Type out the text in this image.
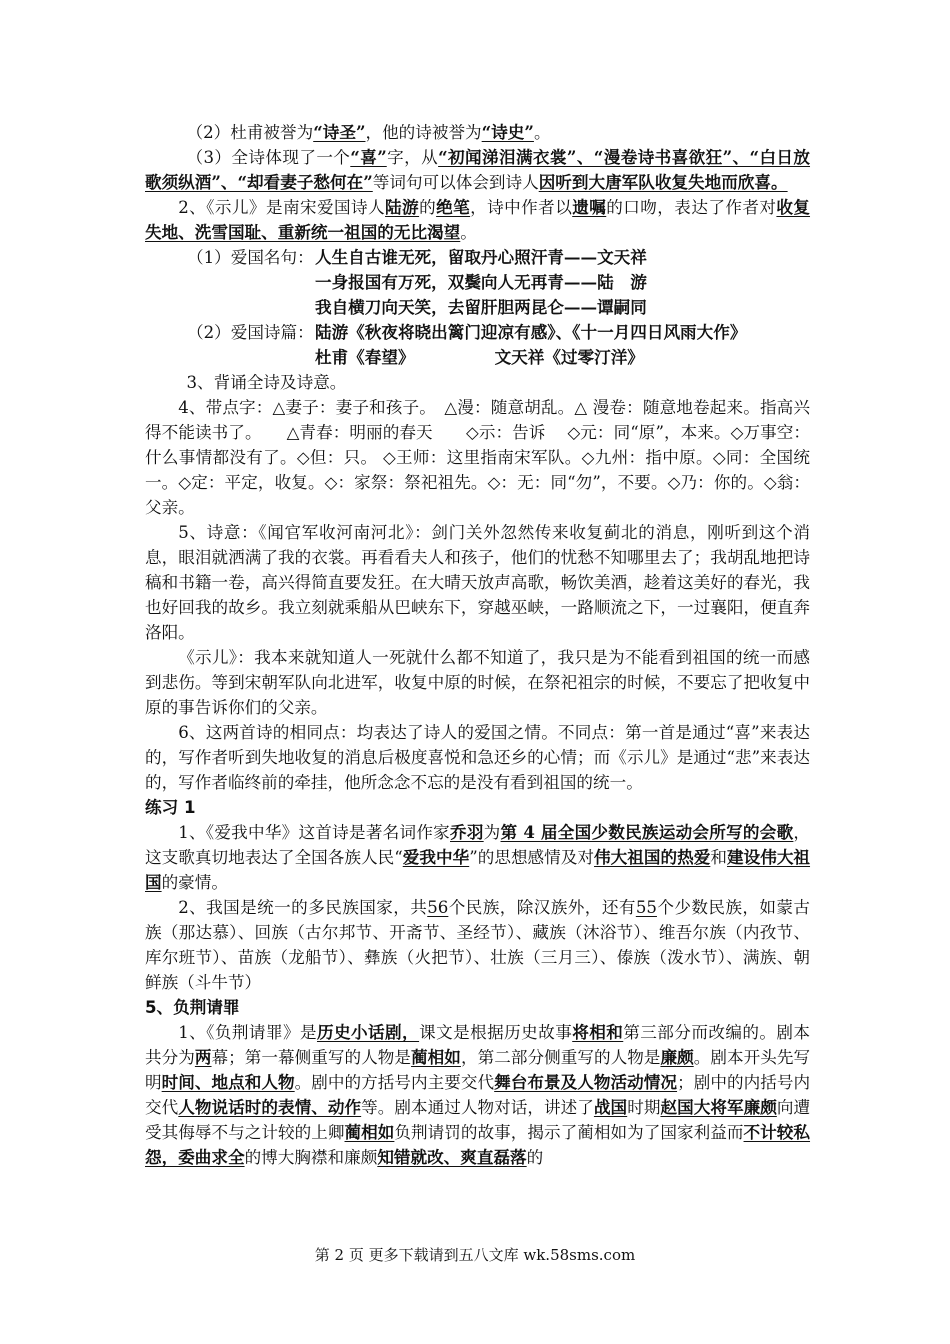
（2）杜甫被誉为“诗圣”，他的诗被誉为“诗史”。

（3）全诗体现了一个“喜”字，从“初闻涕泪满衣裳”、“漫卷诗书喜欲狂”、“白日放歌须纵酒”、“却看妻子愁何在”等词句可以体会到诗人因听到大唐军队收复失地而欣喜。

2、《示儿》是南宋爱国诗人陆游的绝笔，诗中作者以遗嘱的口吻，表达了作者对收复失地、洗雪国耻、重新统一祖国的无比渴望。

（1）爱国名句： 人生自古谁无死，留取丹心照汗青——文天祥
一身报国有万死，双鬓向人无再青——陆　游
我自横刀向天笑，去留肝胆两昆仑——谭嗣同
（2）爱国诗篇： 陆游《秋夜将晓出篱门迎凉有感》、《十一月四日风雨大作》
杜甫《春望》	文天祥《过零汀洋》

3、背诵全诗及诗意。

4、带点字：△妻子：妻子和孩子。　△漫：随意胡乱。△ 漫卷：随意地卷起来。指高兴得不能读书了。　　△青春：明丽的春天　　◇示：告诉　 ◇元：同“原”，本来。◇万事空：什么事情都没有了。◇但：只。 ◇王师：这里指南宋军队。◇九州：指中原。◇同：全国统一。◇定：平定，收复。◇：家祭：祭祀祖先。◇：无：同“勿”，不要。◇乃：你的。◇翁：父亲。

5、诗意：《闻官军收河南河北》：剑门关外忽然传来收复蓟北的消息，刚听到这个消息，眼泪就洒满了我的衣裳。再看看夫人和孩子，他们的忧愁不知哪里去了；我胡乱地把诗稿和书籍一卷，高兴得简直要发狂。在大晴天放声高歌，畅饮美酒，趁着这美好的春光，我也好回我的故乡。我立刻就乘船从巴峡东下，穿越巫峡，一路顺流之下，一过襄阳，便直奔洛阳。

《示儿》：我本来就知道人一死就什么都不知道了，我只是为不能看到祖国的统一而感到悲伤。等到宋朝军队向北进军，收复中原的时候，在祭祀祖宗的时候，不要忘了把收复中原的事告诉你们的父亲。

6、这两首诗的相同点：均表达了诗人的爱国之情。不同点：第一首是通过“喜”来表达的，写作者听到失地收复的消息后极度喜悦和急还乡的心情；而《示儿》是通过“悲”来表达的，写作者临终前的牵挂，他所念念不忘的是没有看到祖国的统一。

练习 1

1、《爱我中华》这首诗是著名词作家乔羽为第 4 届全国少数民族运动会所写的会歌，这支歌真切地表达了全国各族人民“爱我中华”的思想感情及对伟大祖国的热爱和建设伟大祖国的豪情。

2、我国是统一的多民族国家，共56个民族，除汉族外，还有55个少数民族，如蒙古族（那达慕）、回族（古尔邦节、开斋节、圣经节）、藏族（沐浴节）、维吾尔族（内孜节、库尔班节）、苗族（龙船节）、彝族（火把节）、壮族（三月三）、傣族（泼水节）、满族、朝鲜族（斗牛节）

5、负荆请罪

1、《负荆请罪》是历史小话剧，课文是根据历史故事将相和第三部分而改编的。剧本共分为两幕；第一幕侧重写的人物是蔺相如，第二部分侧重写的人物是廉颇。剧本开头先写明时间、地点和人物。剧中的方括号内主要交代舞台布景及人物活动情况；剧中的内括号内交代人物说话时的表情、动作等。剧本通过人物对话，讲述了战国时期赵国大将军廉颇向遭受其侮辱不与之计较的上卿蔺相如负荆请罚的故事，揭示了蔺相如为了国家利益而不计较私怨，委曲求全的博大胸襟和廉颇知错就改、爽直磊落的

第 2 页 更多下载请到五八文库 wk.58sms.com
